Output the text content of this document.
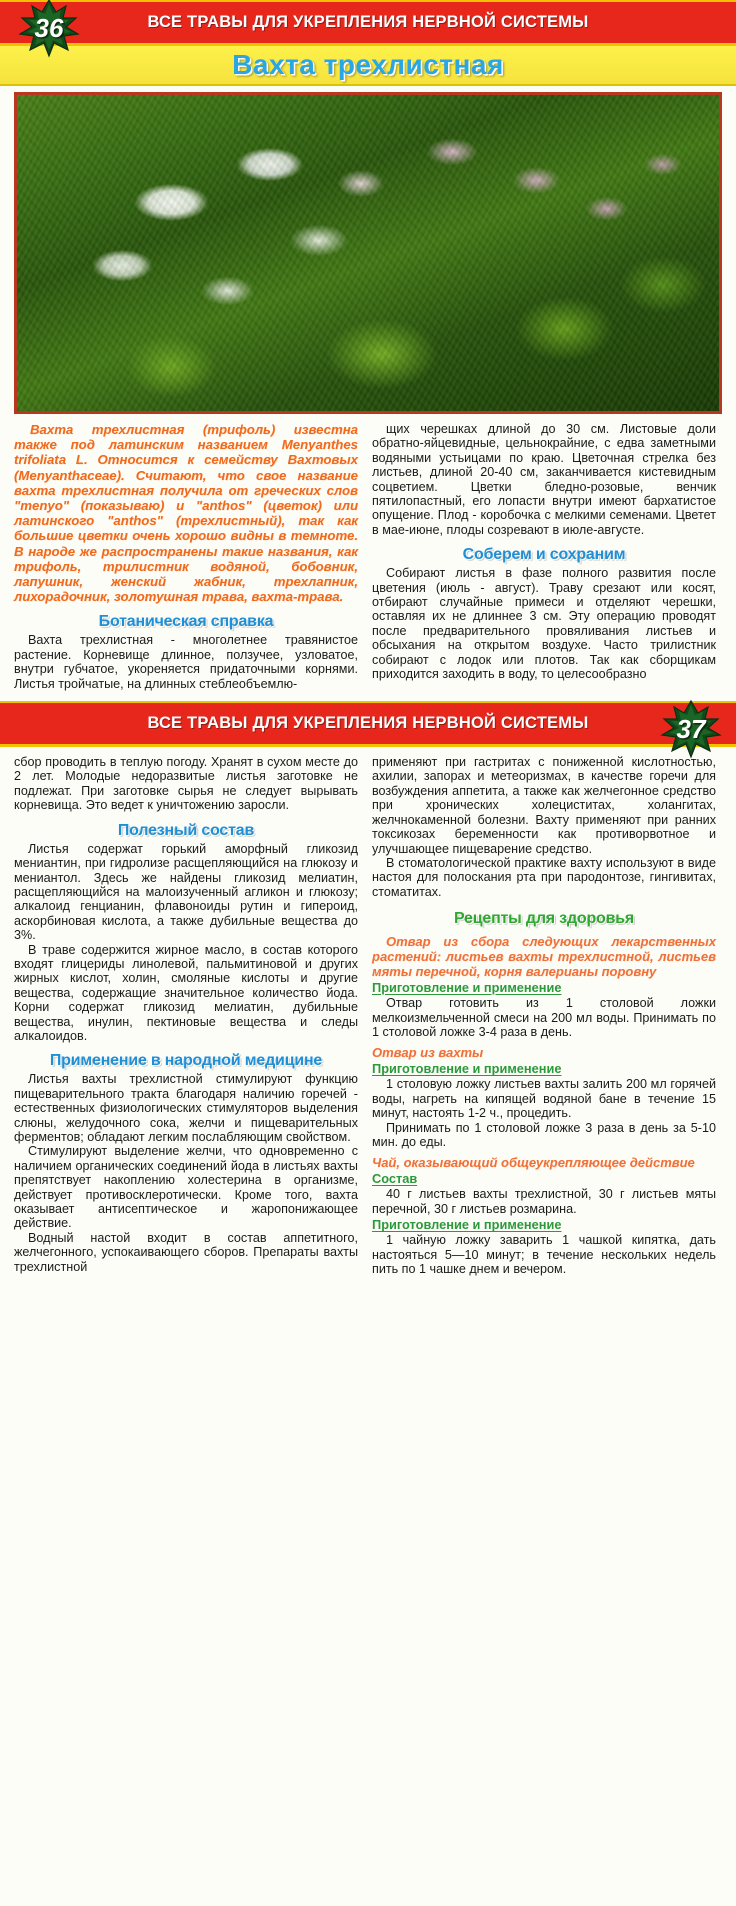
36	ВСЕ ТРАВЫ ДЛЯ УКРЕПЛЕНИЯ НЕРВНОЙ СИСТЕМЫ
Вахта трехлистная

Вахта трехлистная (трифоль) известна также под латинским названием Menyanthes trifoliata L. Относится к семейству Вахтовых (Menyanthaceae). Считают, что свое название вахта трехлистная получила от греческих слов "menyo" (показываю) и "anthos" (цветок) или латинского "anthos" (трехлистный), так как большие цветки очень хорошо видны в темноте. В народе же распространены такие названия, как трифоль, трилистник водяной, бобовник, лапушник, женский жабник, трехлапник, лихорадочник, золотушная трава, вахта-трава.

Ботаническая справка

Вахта трехлистная - многолетнее травянистое растение. Корневище длинное, ползучее, узловатое, внутри губчатое, укореняется придаточными корнями. Листья тройчатые, на длинных стеблеобъемлю-

щих черешках длиной до 30 см. Листовые доли обратно-яйцевидные, цельнокрайние, с едва заметными водяными устьицами по краю. Цветочная стрелка без листьев, длиной 20-40 см, заканчивается кистевидным соцветием. Цветки бледно-розовые, венчик пятилопастный, его лопасти внутри имеют бархатистое опущение. Плод - коробочка с мелкими семенами. Цветет в мае-июне, плоды созревают в июле-августе.

Соберем и сохраним

Собирают листья в фазе полного развития после цветения (июль - август). Траву срезают или косят, отбирают случайные примеси и отделяют черешки, оставляя их не длиннее 3 см. Эту операцию проводят после предварительного провяливания листьев и обсыхания на открытом воздухе. Часто трилистник собирают с лодок или плотов. Так как сборщикам приходится заходить в воду, то целесообразно

ВСЕ ТРАВЫ ДЛЯ УКРЕПЛЕНИЯ НЕРВНОЙ СИСТЕМЫ	37

сбор проводить в теплую погоду. Хранят в сухом месте до 2 лет. Молодые недоразвитые листья заготовке не подлежат. При заготовке сырья не следует вырывать корневища. Это ведет к уничтожению заросли.

Полезный состав

Листья содержат горький аморфный гликозид мениантин, при гидролизе расщепляющийся на глюкозу и мениантол. Здесь же найдены гликозид мелиатин, расщепляющийся на малоизученный агликон и глюкозу; алкалоид генцианин, флавоноиды рутин и гипероид, аскорбиновая кислота, а также дубильные вещества до 3%.

В траве содержится жирное масло, в состав которого входят глицериды линолевой, пальмитиновой и других жирных кислот, холин, смоляные кислоты и другие вещества, содержащие значительное количество йода. Корни содержат гликозид мелиатин, дубильные вещества, инулин, пектиновые вещества и следы алкалоидов.

Применение в народной медицине

Листья вахты трехлистной стимулируют функцию пищеварительного тракта благодаря наличию горечей - естественных физиологических стимуляторов выделения слюны, желудочного сока, желчи и пищеварительных ферментов; обладают легким послабляющим свойством.

Стимулируют выделение желчи, что одновременно с наличием органических соединений йода в листьях вахты препятствует накоплению холестерина в организме, действует противосклеротически. Кроме того, вахта оказывает антисептическое и жаропонижающее действие.

Водный настой входит в состав аппетитного, желчегонного, успокаивающего сборов. Препараты вахты трехлистной

применяют при гастритах с пониженной кислотностью, ахилии, запорах и метеоризмах, в качестве горечи для возбуждения аппетита, а также как желчегонное средство при хронических холециститах, холангитах, желчнокаменной болезни. Вахту применяют при ранних токсикозах беременности как противорвотное и улучшающее пищеварение средство.

В стоматологической практике вахту используют в виде настоя для полоскания рта при пародонтозе, гингивитах, стоматитах.

Рецепты для здоровья
Отвар из сбора следующих лекарственных растений: листьев вахты трехлистной, листьев мяты перечной, корня валерианы поровну
Приготовление и применение

Отвар готовить из 1 столовой ложки мелкоизмельченной смеси на 200 мл воды. Принимать по 1 столовой ложке 3-4 раза в день.

Отвар из вахты
Приготовление и применение

1 столовую ложку листьев вахты залить 200 мл горячей воды, нагреть на кипящей водяной бане в течение 15 минут, настоять 1-2 ч., процедить.

Принимать по 1 столовой ложке 3 раза в день за 5-10 мин. до еды.

Чай, оказывающий общеукрепляющее действие
Состав

40 г листьев вахты трехлистной, 30 г листьев мяты перечной, 30 г листьев розмарина.

Приготовление и применение

1 чайную ложку заварить 1 чашкой кипятка, дать настояться 5—10 минут; в течение нескольких недель пить по 1 чашке днем и вечером.
